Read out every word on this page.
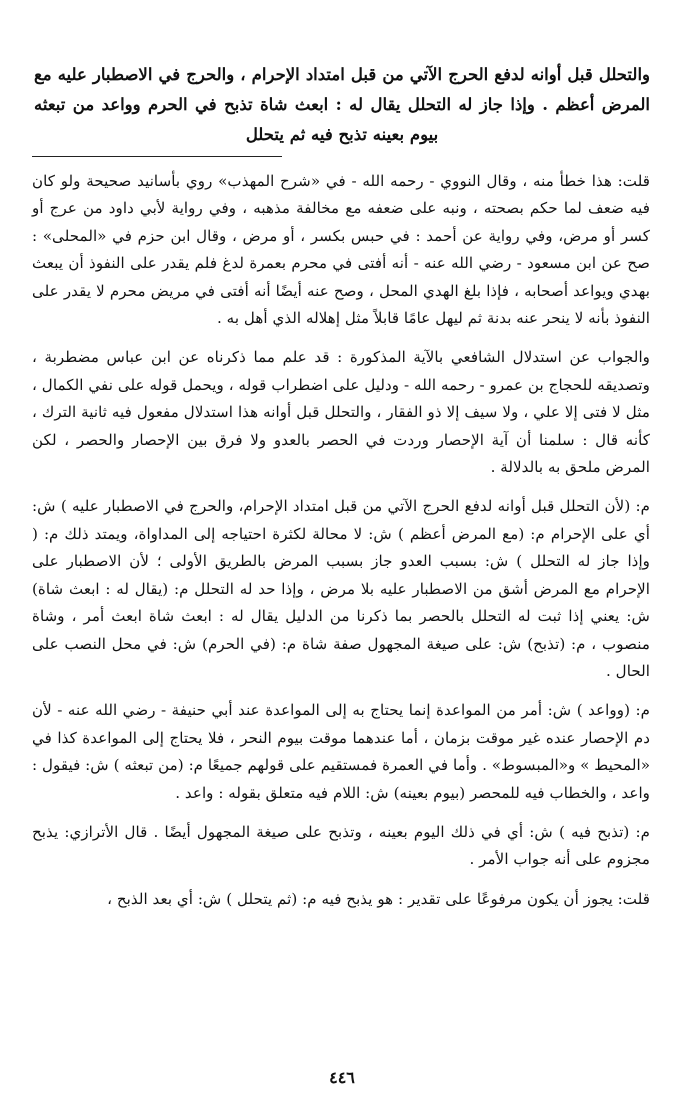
والتحلل قبل أوانه لدفع الحرج الآتي من قبل امتداد الإحرام ، والحرج في الاصطبار عليه مع المرض أعظم . وإذا جاز له التحلل يقال له : ابعث شاة تذبح في الحرم وواعد من تبعثه بيوم بعينه تذبح فيه ثم يتحلل

قلت: هذا خطأ منه ، وقال النووي - رحمه الله - في «شرح المهذب» روي بأسانيد صحيحة ولو كان فيه ضعف لما حكم بصحته ، ونبه على ضعفه مع مخالفة مذهبه ، وفي رواية لأبي داود من عرج أو كسر أو مرض، وفي رواية عن أحمد : في حبس بكسر ، أو مرض ، وقال ابن حزم في «المحلى» : صح عن ابن مسعود - رضي الله عنه - أنه أفتى في محرم بعمرة لدغ فلم يقدر على النفوذ أن يبعث بهدي ويواعد أصحابه ، فإذا بلغ الهدي المحل ، وصح عنه أيضًا أنه أفتى في مريض محرم لا يقدر على النفوذ بأنه لا ينحر عنه بدنة ثم ليهل عامًا قابلاً مثل إهلاله الذي أهل به .

والجواب عن استدلال الشافعي بالآية المذكورة : قد علم مما ذكرناه عن ابن عباس مضطربة ، وتصديقه للحجاج بن عمرو - رحمه الله - ودليل على اضطراب قوله ، ويحمل قوله على نفي الكمال ، مثل لا فتى إلا علي ، ولا سيف إلا ذو الفقار ، والتحلل قبل أوانه هذا استدلال مفعول فيه ثانية الترك ، كأنه قال : سلمنا أن آية الإحصار وردت في الحصر بالعدو ولا فرق بين الإحصار والحصر ، لكن المرض ملحق به بالدلالة .

م: (لأن التحلل قبل أوانه لدفع الحرج الآتي من قبل امتداد الإحرام، والحرج في الاصطبار عليه ) ش: أي على الإحرام م: (مع المرض أعظم ) ش: لا محالة لكثرة احتياجه إلى المداواة، ويمتد ذلك م: ( وإذا جاز له التحلل ) ش: بسبب العدو جاز بسبب المرض بالطريق الأولى ؛ لأن الاصطبار على الإحرام مع المرض أشق من الاصطبار عليه بلا مرض ، وإذا حد له التحلل م: (يقال له : ابعث شاة) ش: يعني إذا ثبت له التحلل بالحصر بما ذكرنا من الدليل يقال له : ابعث شاة ابعث أمر ، وشاة منصوب ، م: (تذبح) ش: على صيغة المجهول صفة شاة م: (في الحرم) ش: في محل النصب على الحال .

م: (وواعد ) ش: أمر من المواعدة إنما يحتاج به إلى المواعدة عند أبي حنيفة - رضي الله عنه - لأن دم الإحصار عنده غير موقت بزمان ، أما عندهما موقت بيوم النحر ، فلا يحتاج إلى المواعدة كذا في «المحيط » و«المبسوط» . وأما في العمرة فمستقيم على قولهم جميعًا م: (من تبعثه ) ش: فيقول : واعد ، والخطاب فيه للمحصر (بيوم بعينه) ش: اللام فيه متعلق بقوله : واعد .

م: (تذبح فيه ) ش: أي في ذلك اليوم بعينه ، وتذبح على صيغة المجهول أيضًا . قال الأترازي: يذبح مجزوم على أنه جواب الأمر .

قلت: يجوز أن يكون مرفوعًا على تقدير : هو يذبح فيه م: (ثم يتحلل ) ش: أي بعد الذبح ،

٤٤٦
